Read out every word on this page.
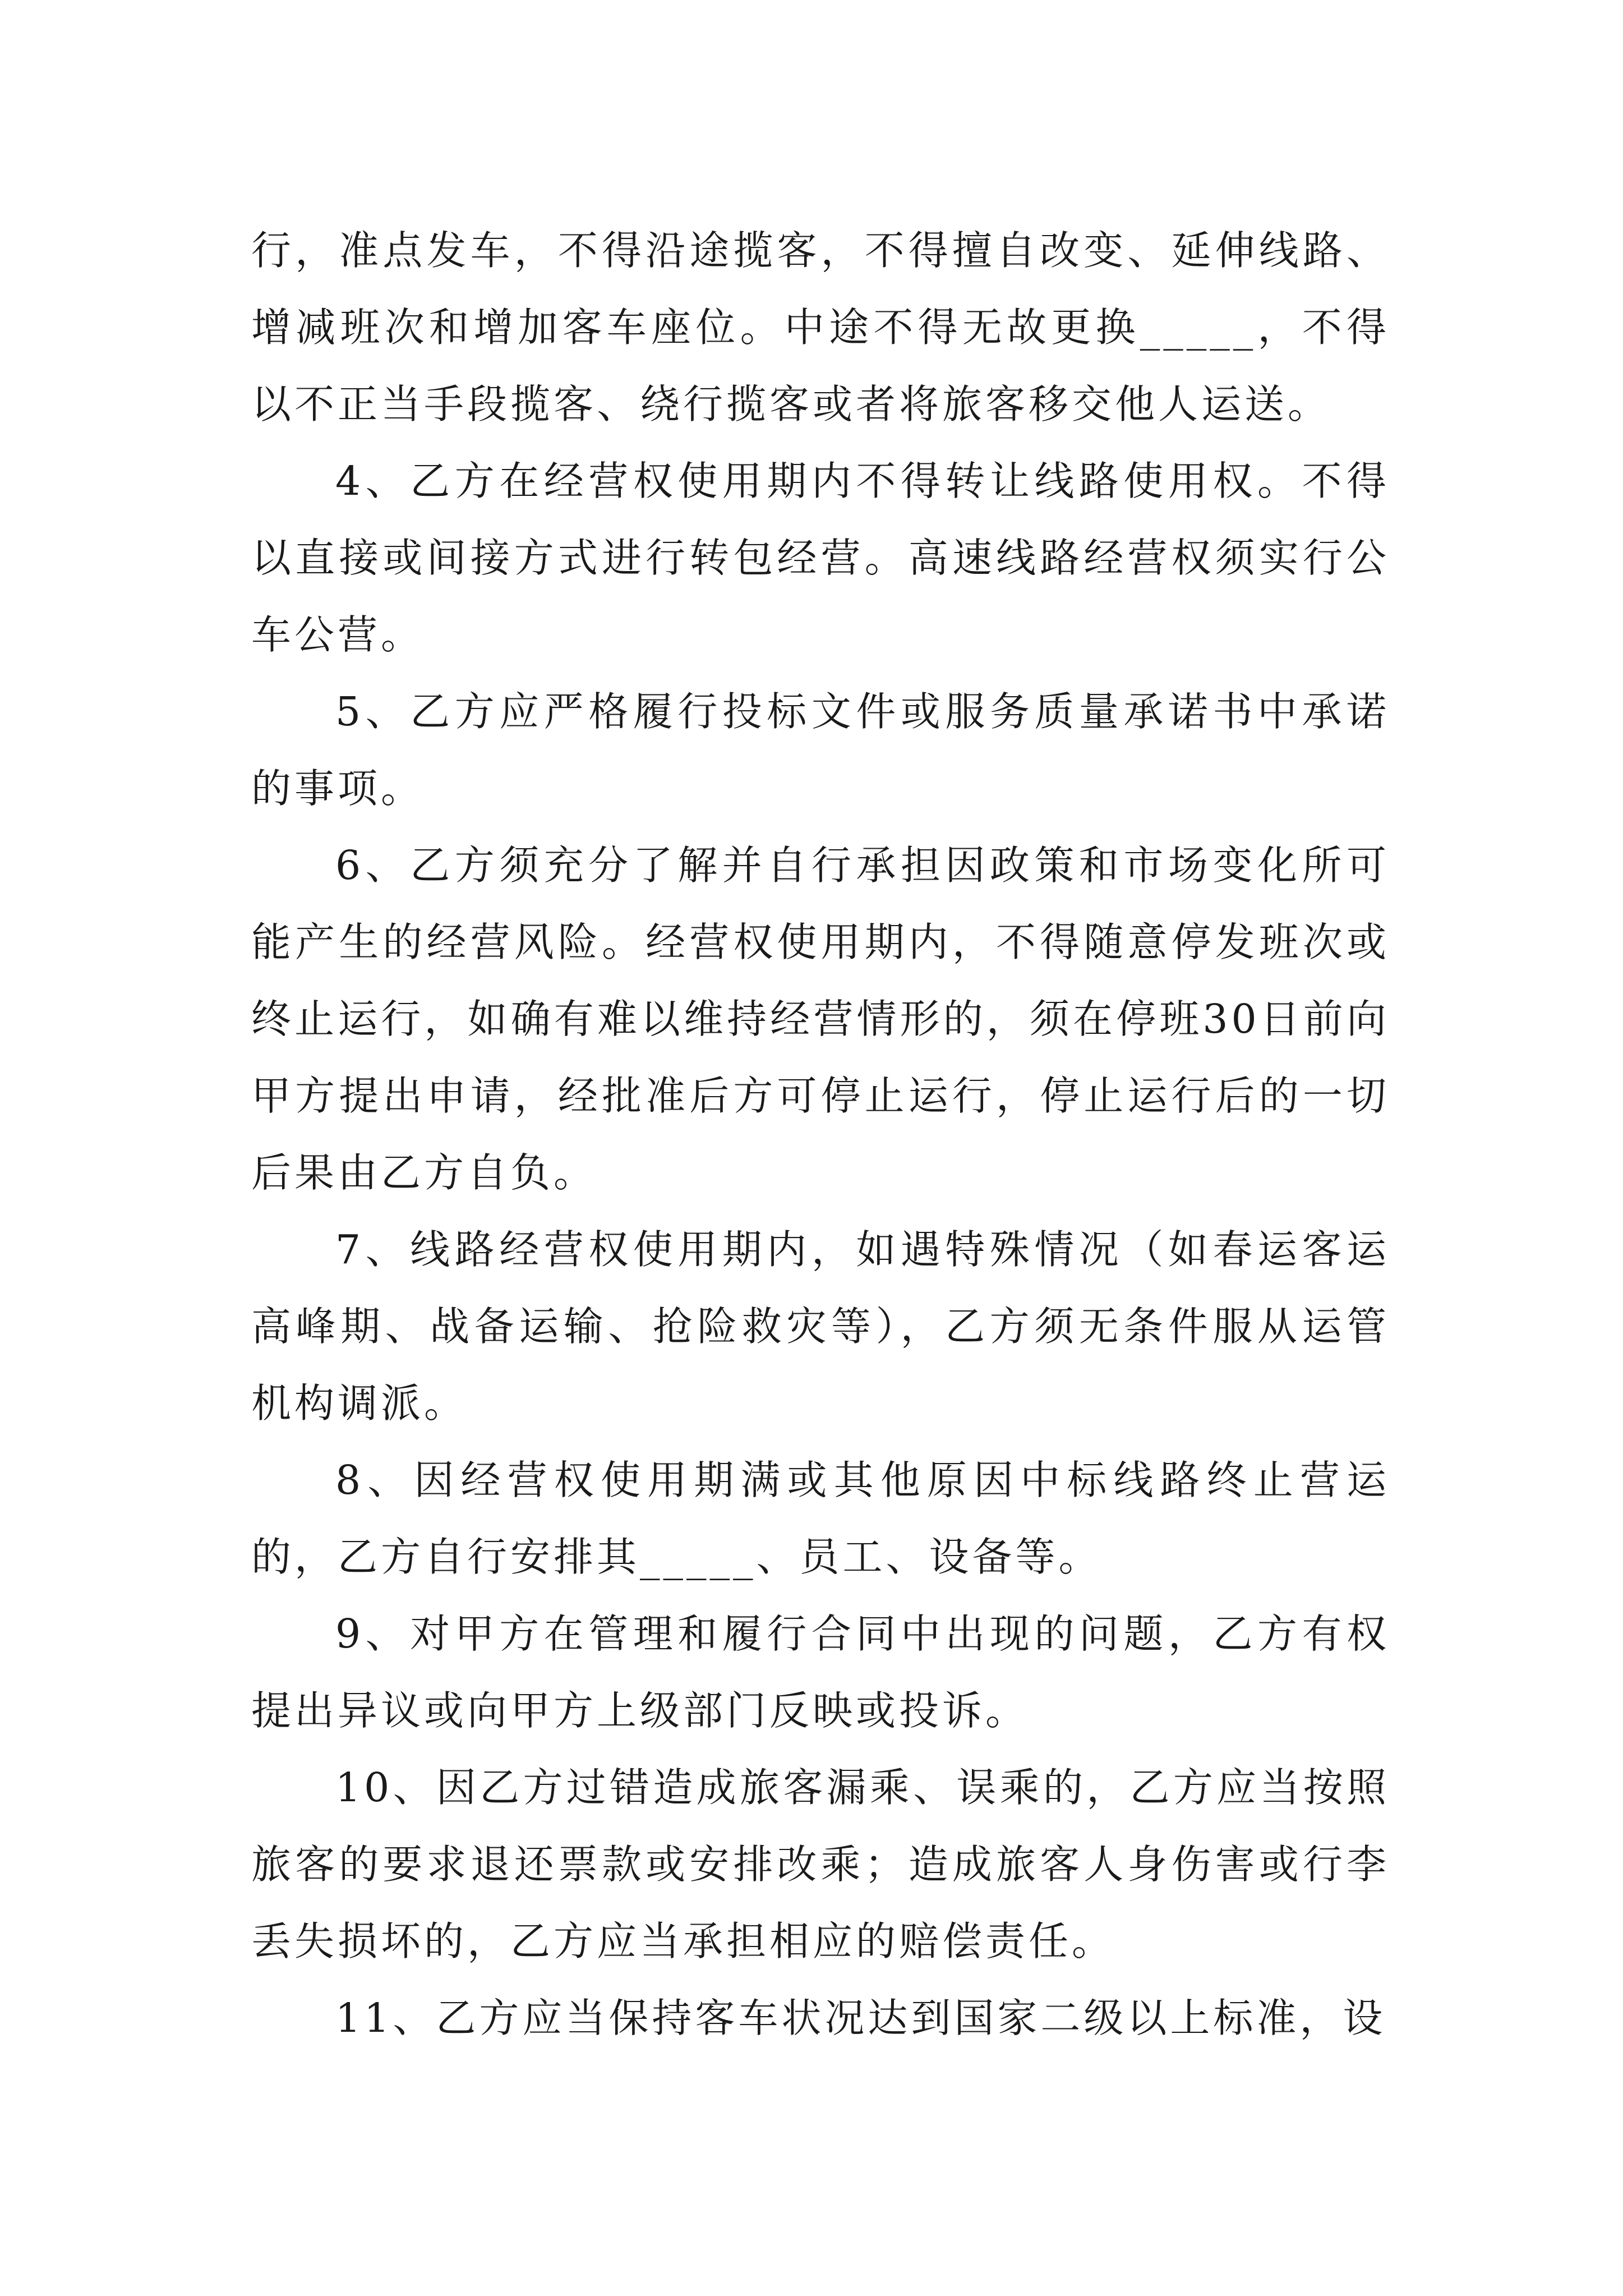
行，准点发车，不得沿途揽客，不得擅自改变、延伸线路、增减班次和增加客车座位。中途不得无故更换_____，不得以不正当手段揽客、绕行揽客或者将旅客移交他人运送。

4、乙方在经营权使用期内不得转让线路使用权。不得以直接或间接方式进行转包经营。高速线路经营权须实行公车公营。

5、乙方应严格履行投标文件或服务质量承诺书中承诺的事项。

6、乙方须充分了解并自行承担因政策和市场变化所可能产生的经营风险。经营权使用期内，不得随意停发班次或终止运行，如确有难以维持经营情形的，须在停班30日前向甲方提出申请，经批准后方可停止运行，停止运行后的一切后果由乙方自负。

7、线路经营权使用期内，如遇特殊情况（如春运客运高峰期、战备运输、抢险救灾等），乙方须无条件服从运管机构调派。

8、因经营权使用期满或其他原因中标线路终止营运的，乙方自行安排其_____、员工、设备等。

9、对甲方在管理和履行合同中出现的问题，乙方有权提出异议或向甲方上级部门反映或投诉。

10、因乙方过错造成旅客漏乘、误乘的，乙方应当按照旅客的要求退还票款或安排改乘；造成旅客人身伤害或行李丢失损坏的，乙方应当承担相应的赔偿责任。

11、乙方应当保持客车状况达到国家二级以上标准，设
